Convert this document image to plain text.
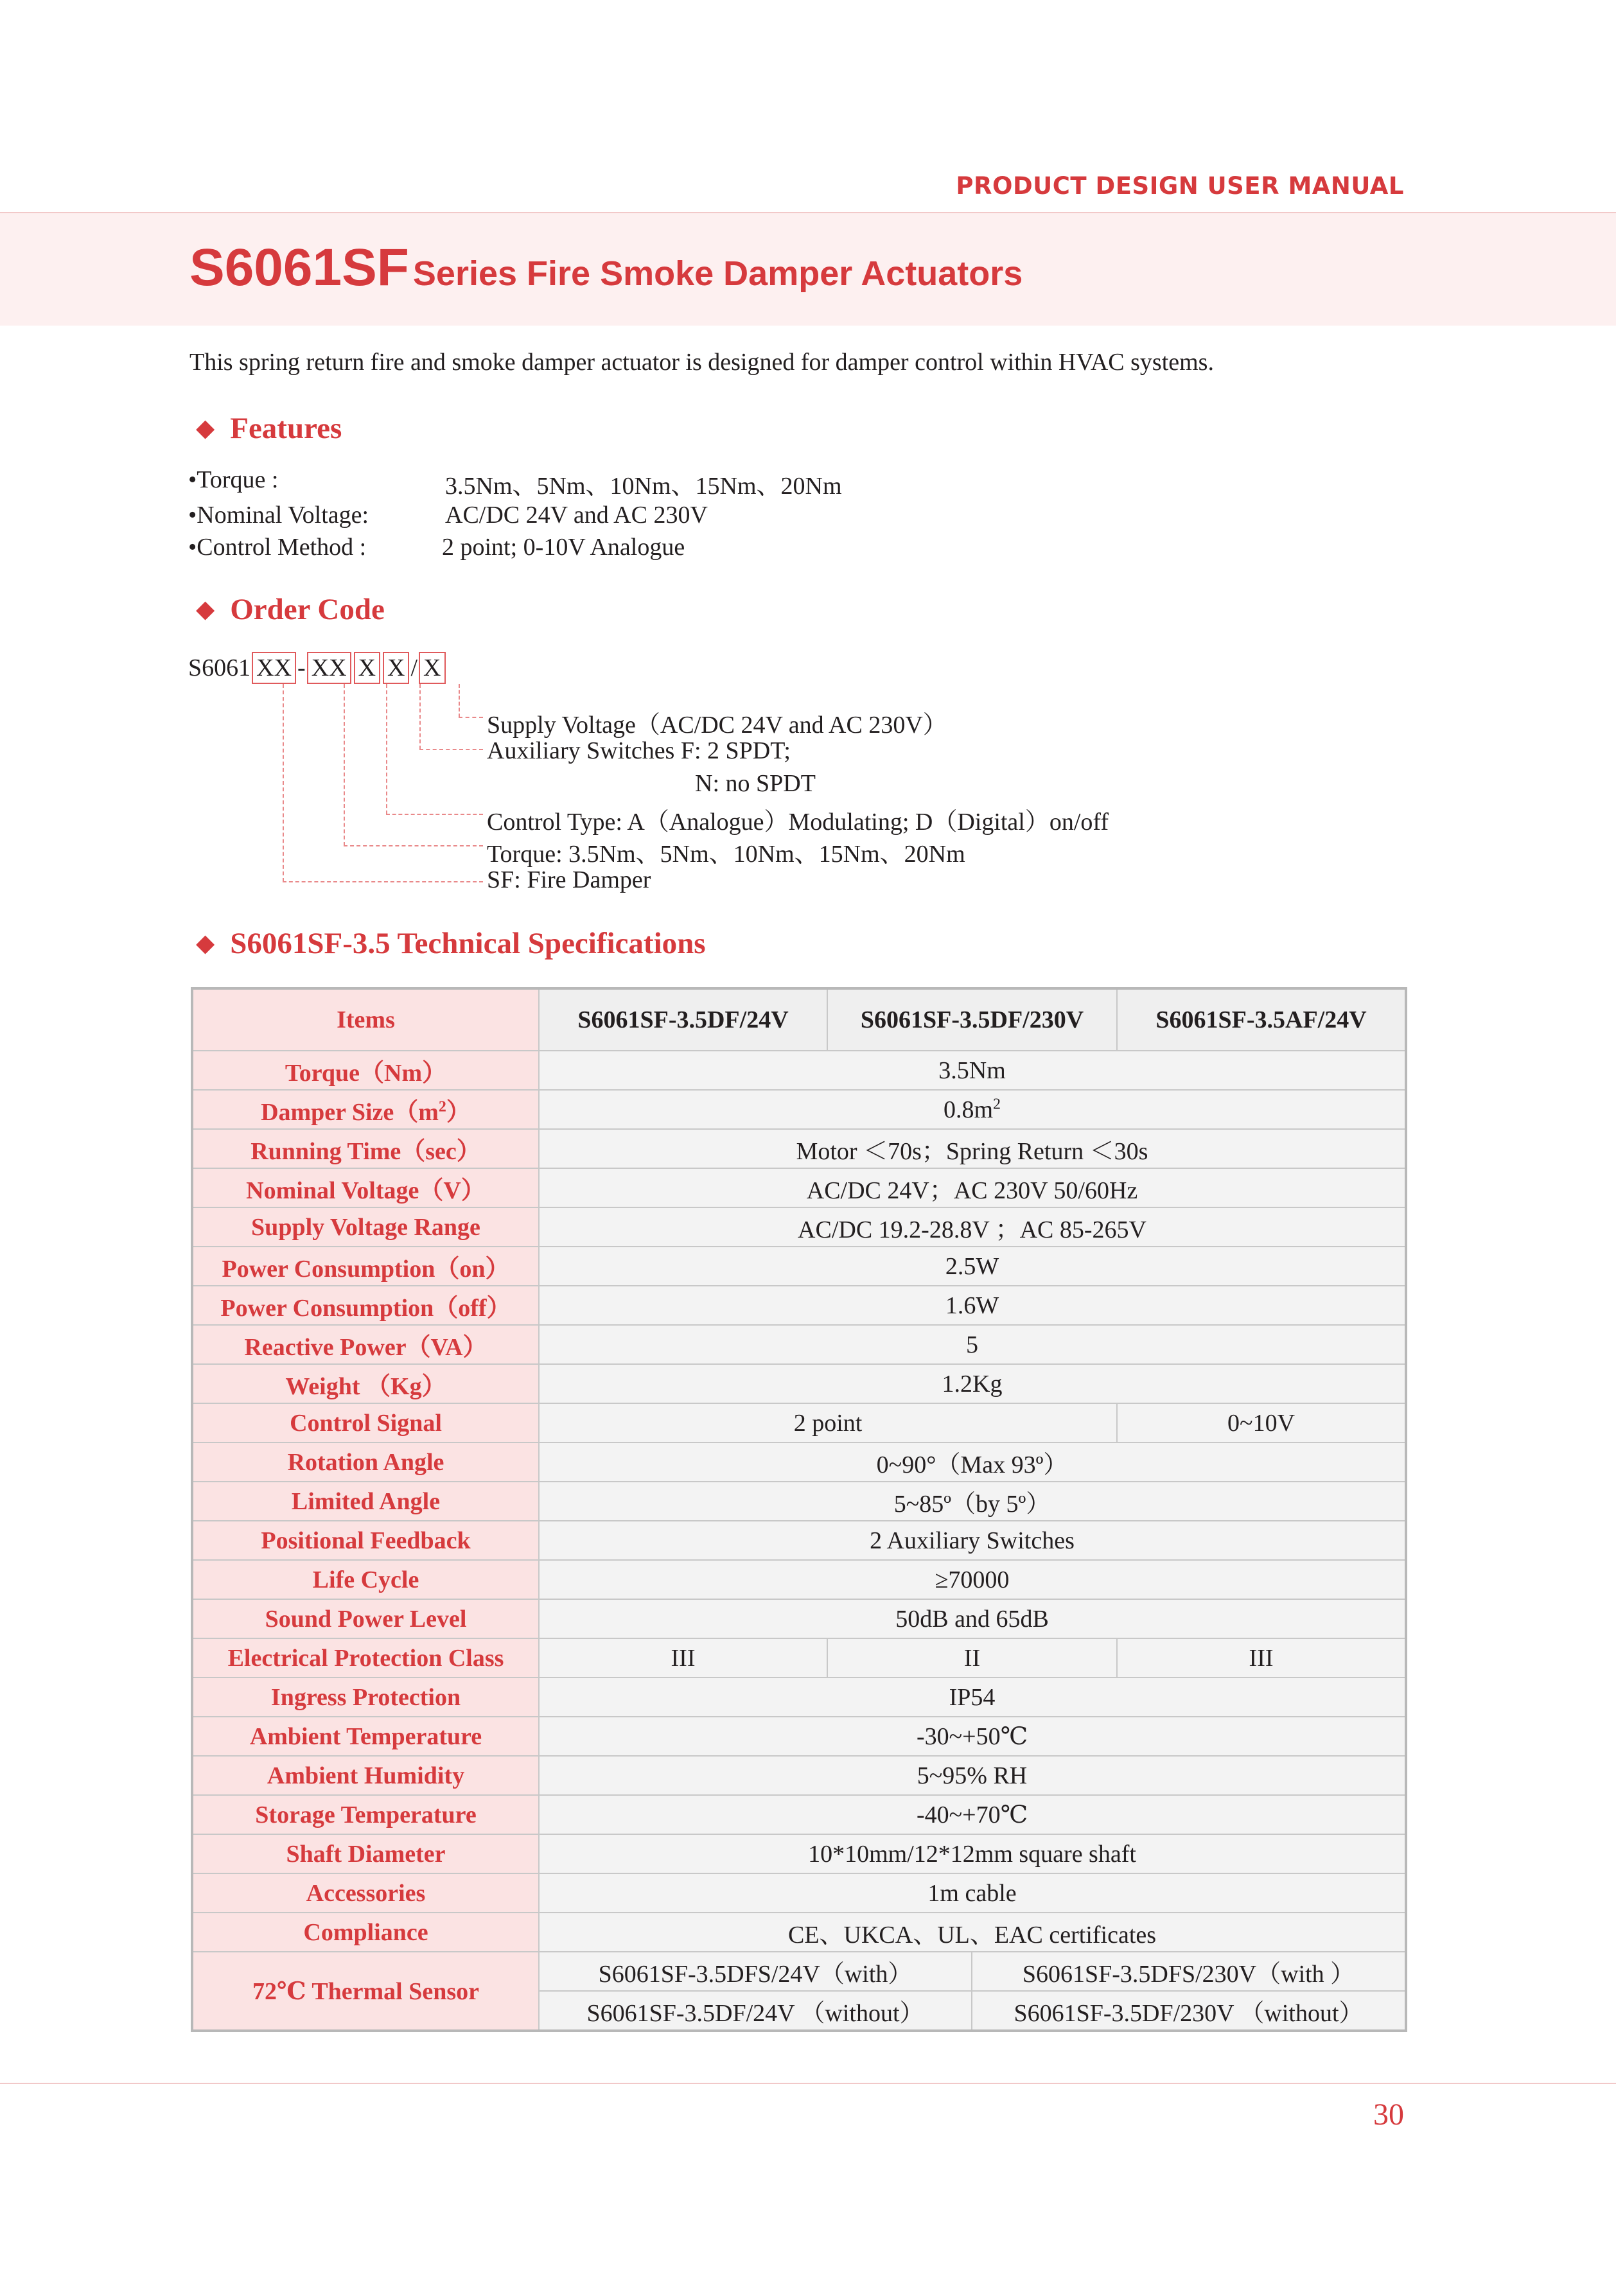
PRODUCT DESIGN USER MANUAL
S6061SF Series Fire Smoke Damper Actuators
This spring return fire and smoke damper actuator is designed for damper control within HVAC systems.
◆ Features
•Torque :	3.5Nm、5Nm、10Nm、15Nm、20Nm
•Nominal Voltage:	AC/DC 24V and AC 230V
•Control Method :	2 point; 0-10V Analogue
◆ Order Code
S6061 XX - XX X X / X
Supply Voltage（AC/DC 24V and AC 230V）
Auxiliary Switches F: 2 SPDT;
N: no SPDT
Control Type: A（Analogue）Modulating; D（Digital）on/off
Torque: 3.5Nm、5Nm、10Nm、15Nm、20Nm
SF: Fire Damper
◆ S6061SF-3.5 Technical Specifications
Items	S6061SF-3.5DF/24V	S6061SF-3.5DF/230V		S6061SF-3.5AF/24V
Torque（Nm）	3.5Nm			
Damper $Size(m^2)$	$0.8m^2$
Running Time（sec）	Motor ＜70s；Spring Return ＜30s			
Nominal Voltage（V）	AC/DC 24V；AC 230V 50/60Hz			
Supply Voltage Range	AC/DC 19.2-28.8V ；AC 85-265V			
Power Consumption（on）	2.5W			
Power Consumption（off）	1.6W			
Reactive Power（VA）	5			
Weight （Kg）	1.2Kg			
Control Signal	2 point			0~10V
Rotation Angle	0~90°（Max 93º）			
Limited Angle	5~85º（by 5º）			
Positional Feedback	2 Auxiliary Switches			
Life Cycle	≥70000			
Sound Power Level	50dB and 65dB			
Electrical Protection Class	III	II		III
Ingress Protection	IP54			
Ambient Temperature	-30~+50℃			
Ambient Humidity	5~95% RH			
Storage Temperature	-40~+70℃			
Shaft Diameter	10*10mm/12*12mm square shaft			
Accessories	1m cable			
Compliance	CE、UKCA、UL、EAC certificates			
72℃ Thermal Sensor	S6061SF-3.5DFS/24V（with）		S6061SF-3.5DFS/230V（with ）	
	S6061SF-3.5DF/24V （without）		S6061SF-3.5DF/230V （without）	
30
